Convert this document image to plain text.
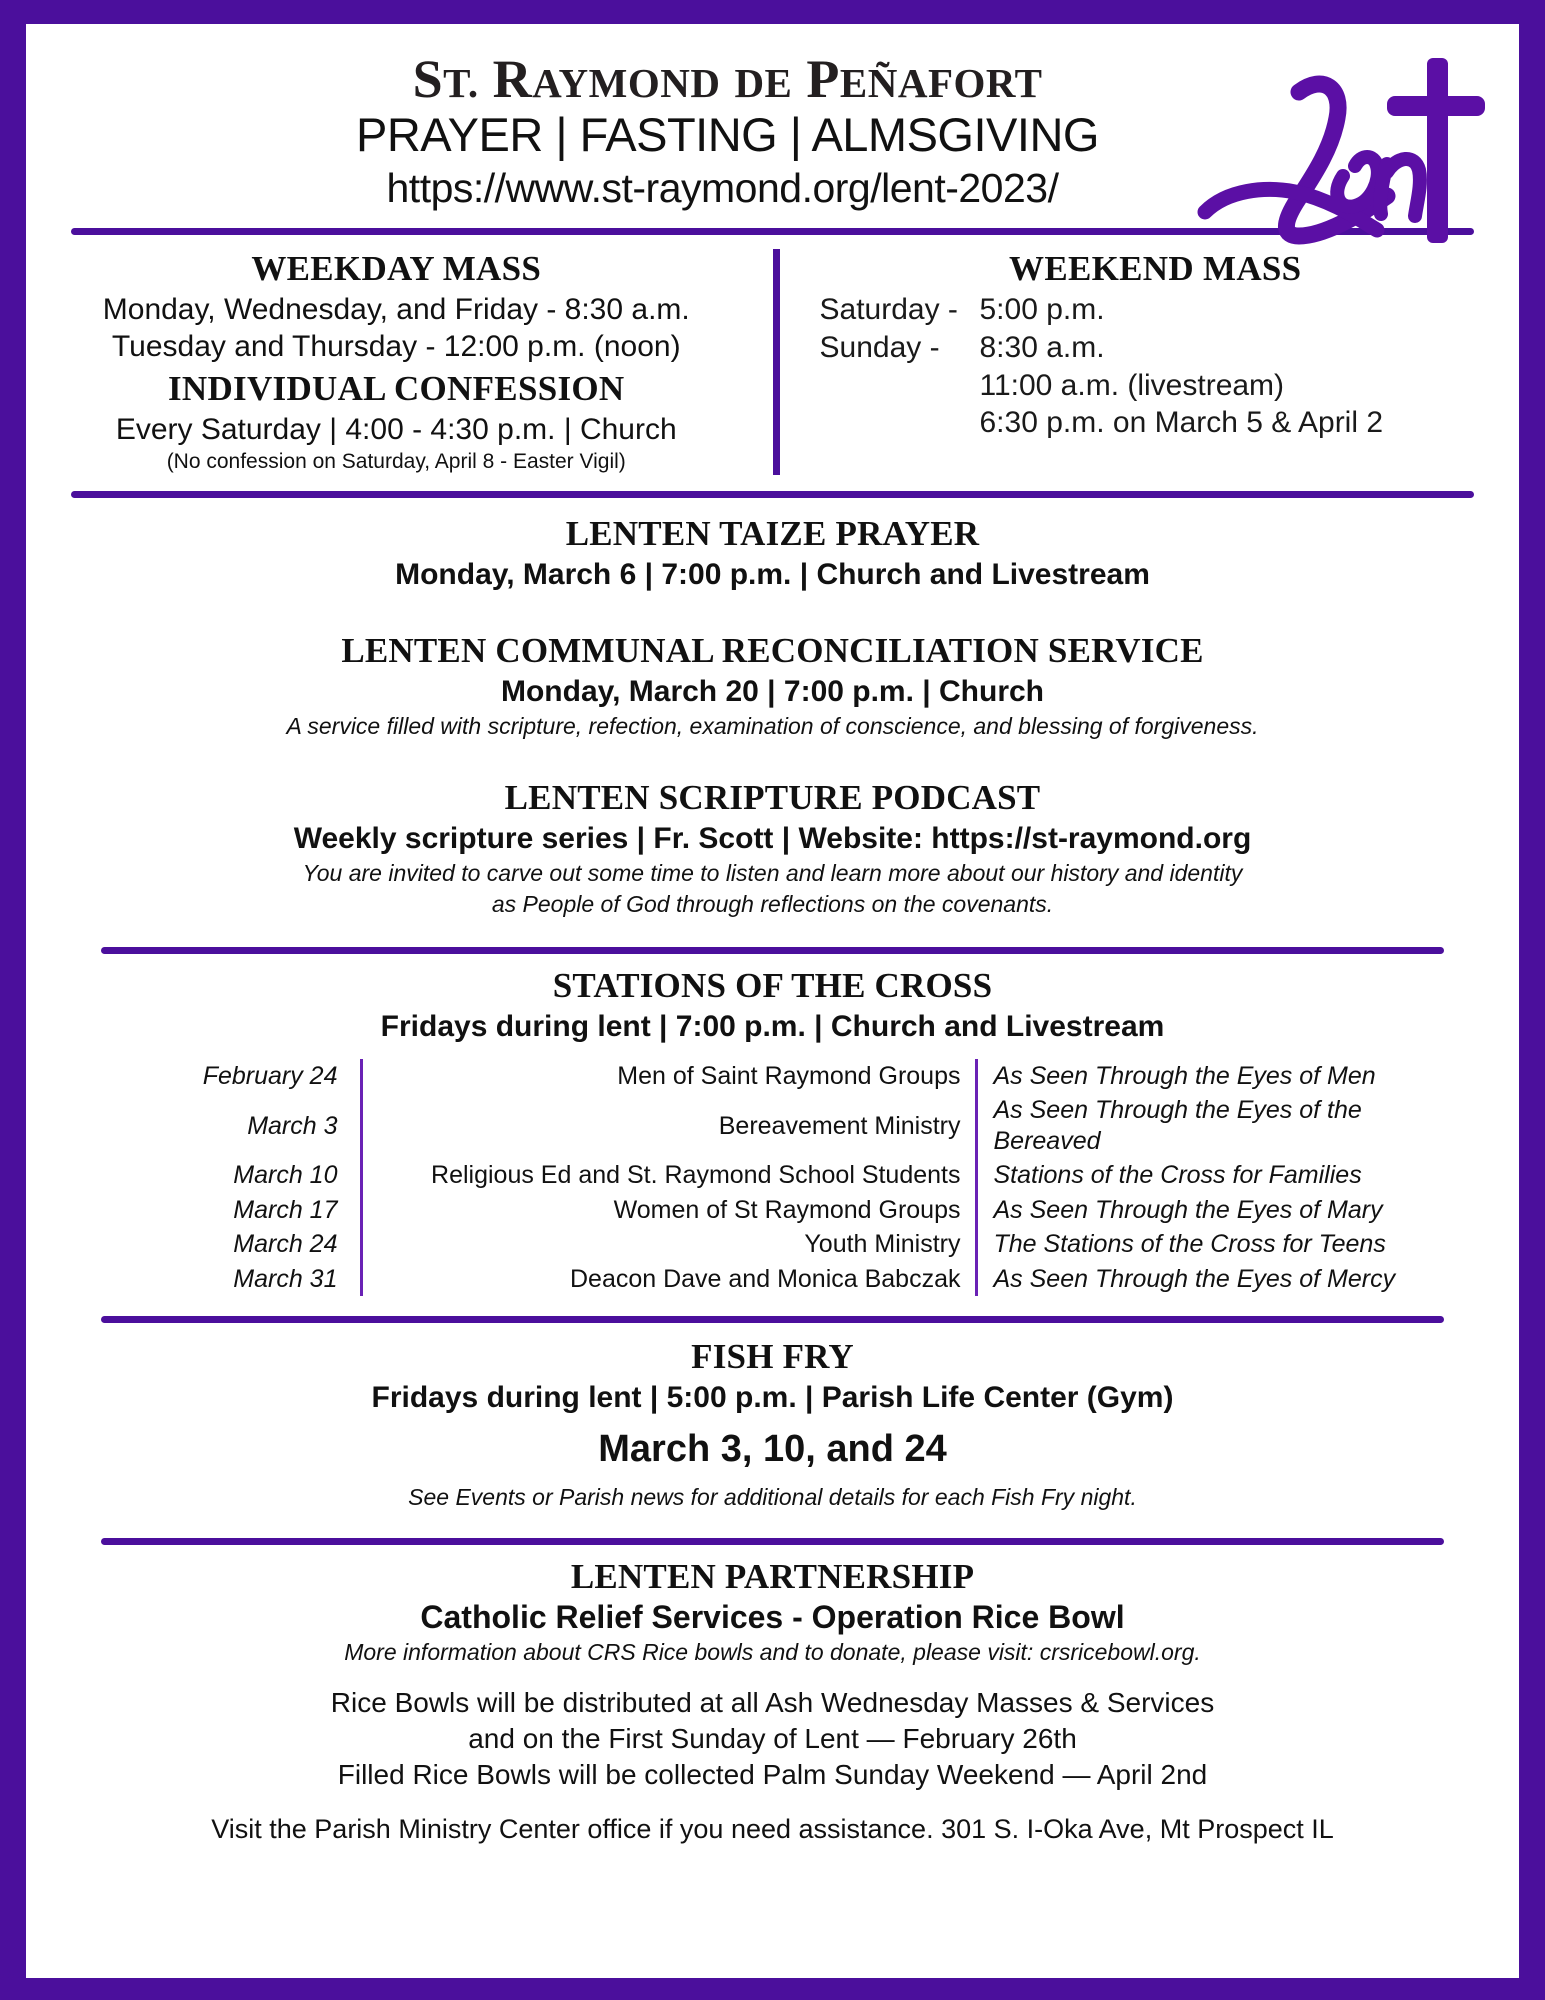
ST. RAYMOND DE PEÑAFORT
PRAYER | FASTING | ALMSGIVING
https://www.st-raymond.org/lent-2023/
WEEKDAY MASS
Monday, Wednesday, and Friday - 8:30 a.m.
Tuesday and Thursday - 12:00 p.m. (noon)
INDIVIDUAL CONFESSION
Every Saturday | 4:00 - 4:30 p.m. | Church
(No confession on Saturday, April 8 - Easter Vigil)
WEEKEND MASS
Saturday - 5:00 p.m.
Sunday -	8:30 a.m.
11:00 a.m. (livestream)
6:30 p.m. on March 5 & April 2
LENTEN TAIZE PRAYER
Monday, March 6 | 7:00 p.m. | Church and Livestream
LENTEN COMMUNAL RECONCILIATION SERVICE
Monday, March 20 | 7:00 p.m. | Church
A service filled with scripture, refection, examination of conscience, and blessing of forgiveness.
LENTEN SCRIPTURE PODCAST
Weekly scripture series | Fr. Scott | Website: https://st-raymond.org
You are invited to carve out some time to listen and learn more about our history and identity
as People of God through reflections on the covenants.
STATIONS OF THE CROSS
Fridays during lent | 7:00 p.m. | Church and Livestream
February 24	Men of Saint Raymond Groups	As Seen Through the Eyes of Men
March 3	Bereavement Ministry	As Seen Through the Eyes of the Bereaved
March 10	Religious Ed and St. Raymond School Students	Stations of the Cross for Families
March 17	Women of St Raymond Groups	As Seen Through the Eyes of Mary
March 24	Youth Ministry	The Stations of the Cross for Teens
March 31	Deacon Dave and Monica Babczak	As Seen Through the Eyes of Mercy
FISH FRY
Fridays during lent | 5:00 p.m. | Parish Life Center (Gym)
March 3, 10, and 24
See Events or Parish news for additional details for each Fish Fry night.
LENTEN PARTNERSHIP
Catholic Relief Services - Operation Rice Bowl
More information about CRS Rice bowls and to donate, please visit: crsricebowl.org.
Rice Bowls will be distributed at all Ash Wednesday Masses & Services
and on the First Sunday of Lent — February 26th
Filled Rice Bowls will be collected Palm Sunday Weekend — April 2nd
Visit the Parish Ministry Center office if you need assistance. 301 S. I-Oka Ave, Mt Prospect IL
